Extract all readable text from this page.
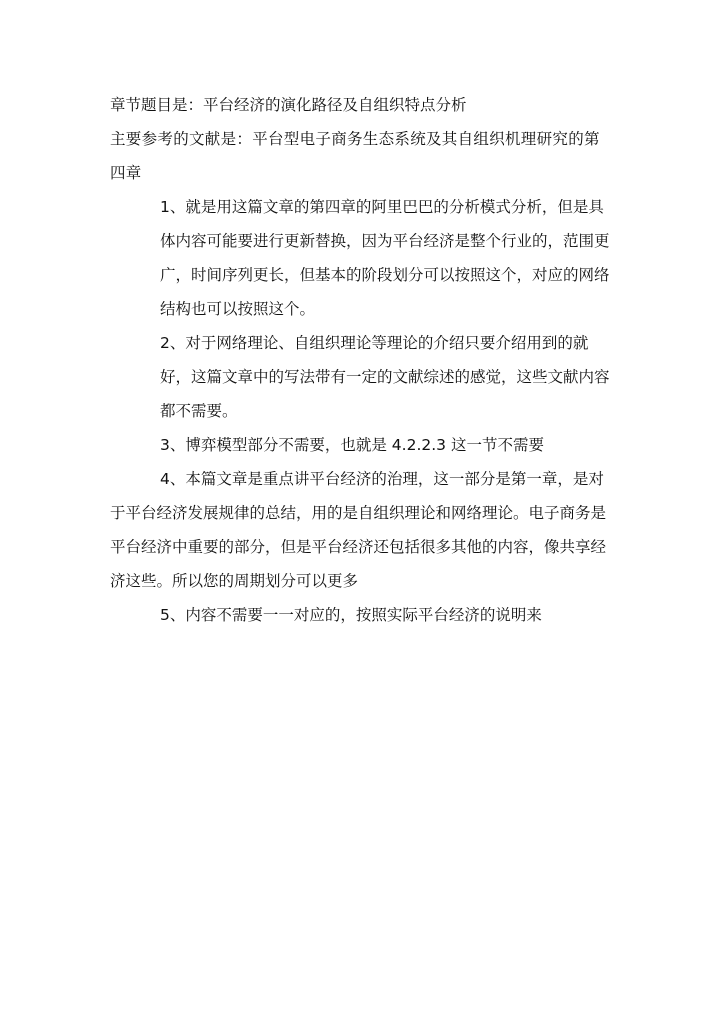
章节题目是：平台经济的演化路径及自组织特点分析

主要参考的文献是：平台型电子商务生态系统及其自组织机理研究的第四章

1、就是用这篇文章的第四章的阿里巴巴的分析模式分析，但是具体内容可能要进行更新替换，因为平台经济是整个行业的，范围更广，时间序列更长，但基本的阶段划分可以按照这个，对应的网络结构也可以按照这个。

2、对于网络理论、自组织理论等理论的介绍只要介绍用到的就好，这篇文章中的写法带有一定的文献综述的感觉，这些文献内容都不需要。

3、博弈模型部分不需要，也就是 4.2.2.3 这一节不需要

4、本篇文章是重点讲平台经济的治理，这一部分是第一章，是对于平台经济发展规律的总结，用的是自组织理论和网络理论。电子商务是平台经济中重要的部分，但是平台经济还包括很多其他的内容，像共享经济这些。所以您的周期划分可以更多

5、内容不需要一一对应的，按照实际平台经济的说明来
